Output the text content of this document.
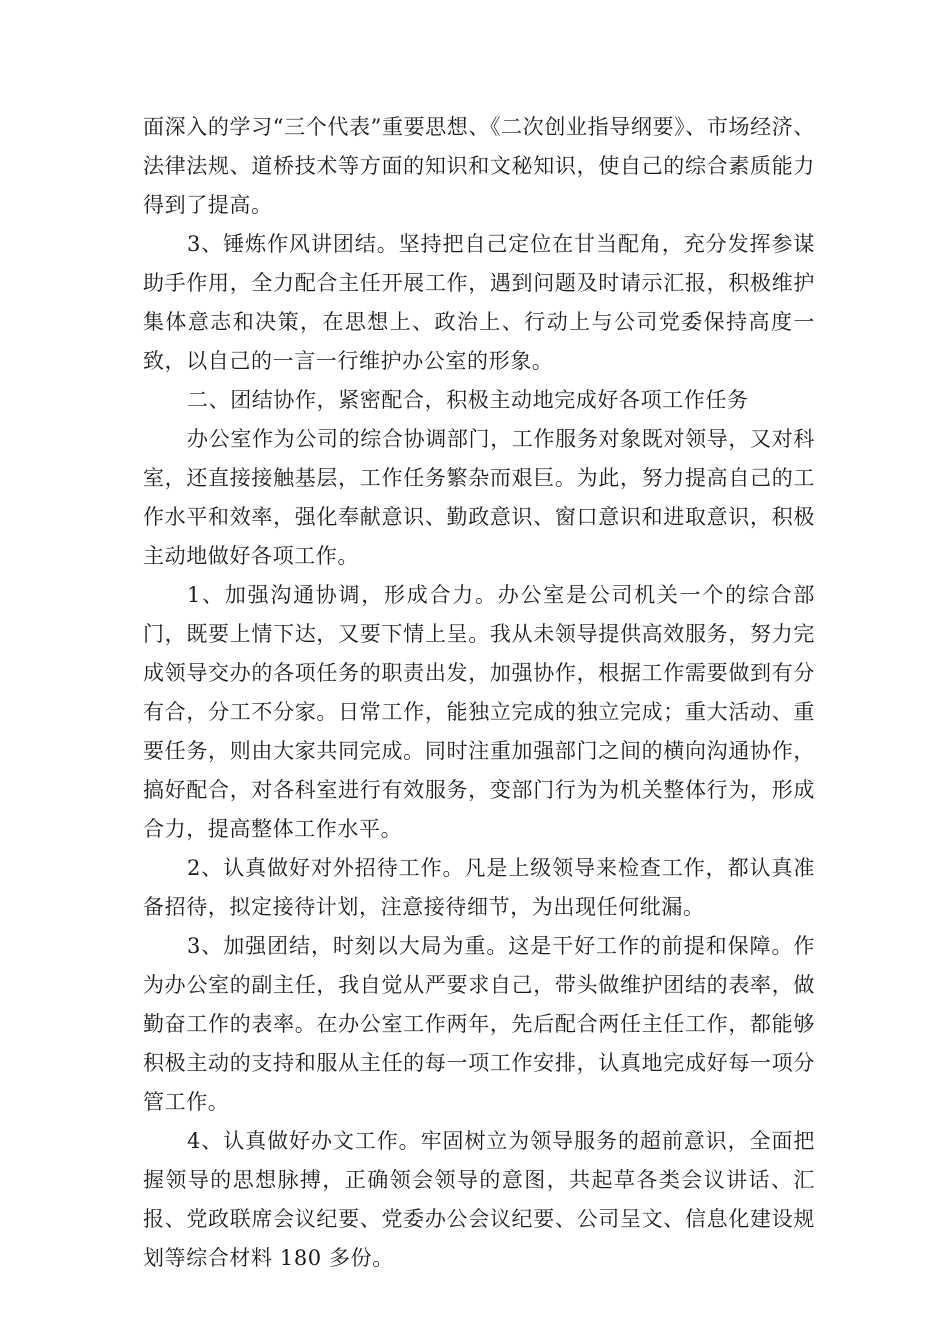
面深入的学习“三个代表”重要思想、《二次创业指导纲要》、市场经济、法律法规、道桥技术等方面的知识和文秘知识，使自己的综合素质能力得到了提高。

3、锤炼作风讲团结。坚持把自己定位在甘当配角，充分发挥参谋助手作用，全力配合主任开展工作，遇到问题及时请示汇报，积极维护集体意志和决策，在思想上、政治上、行动上与公司党委保持高度一致，以自己的一言一行维护办公室的形象。

二、团结协作，紧密配合，积极主动地完成好各项工作任务

办公室作为公司的综合协调部门，工作服务对象既对领导，又对科室，还直接接触基层，工作任务繁杂而艰巨。为此，努力提高自己的工作水平和效率，强化奉献意识、勤政意识、窗口意识和进取意识，积极主动地做好各项工作。

1、加强沟通协调，形成合力。办公室是公司机关一个的综合部门，既要上情下达，又要下情上呈。我从未领导提供高效服务，努力完成领导交办的各项任务的职责出发，加强协作，根据工作需要做到有分有合，分工不分家。日常工作，能独立完成的独立完成；重大活动、重要任务，则由大家共同完成。同时注重加强部门之间的横向沟通协作，搞好配合，对各科室进行有效服务，变部门行为为机关整体行为，形成合力，提高整体工作水平。

2、认真做好对外招待工作。凡是上级领导来检查工作，都认真准备招待，拟定接待计划，注意接待细节，为出现任何纰漏。

3、加强团结，时刻以大局为重。这是干好工作的前提和保障。作为办公室的副主任，我自觉从严要求自己，带头做维护团结的表率，做勤奋工作的表率。在办公室工作两年，先后配合两任主任工作，都能够积极主动的支持和服从主任的每一项工作安排，认真地完成好每一项分管工作。

4、认真做好办文工作。牢固树立为领导服务的超前意识，全面把握领导的思想脉搏，正确领会领导的意图，共起草各类会议讲话、汇报、党政联席会议纪要、党委办公会议纪要、公司呈文、信息化建设规划等综合材料 180 多份。
